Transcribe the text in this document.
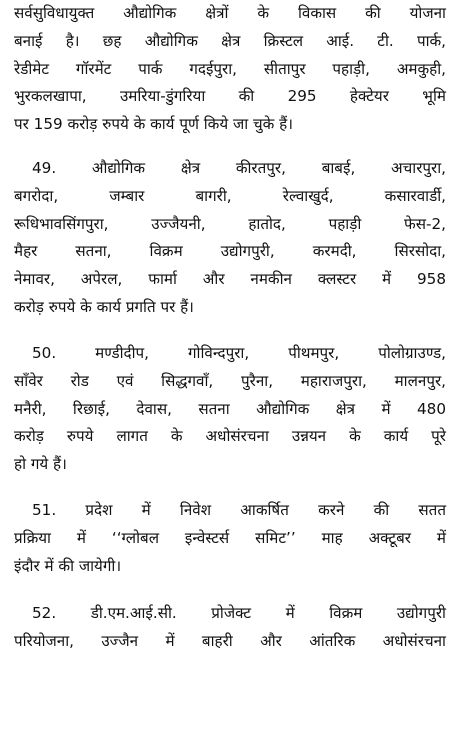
सर्वसुविधायुक्त औद्योगिक क्षेत्रों के विकास की योजना
बनाई है। छह औद्योगिक क्षेत्र क्रिस्टल आई. टी. पार्क,
रेडीमेट गॉरमेंट पार्क गदईपुरा, सीतापुर पहाड़ी, अमकुही,
भुरकलखापा, उमरिया-डुंगरिया की 295 हेक्टेयर भूमि
पर 159 करोड़ रुपये के कार्य पूर्ण किये जा चुके हैं।
49. औद्योगिक क्षेत्र कीरतपुर, बाबई, अचारपुरा,
बगरोदा, जम्बार बागरी, रेल्वाखुर्द, कसारवार्डी,
रूधिभावसिंगपुरा, उज्जैयनी, हातोद, पहाड़ी फेस-2,
मैहर सतना, विक्रम उद्योगपुरी, करमदी, सिरसोदा,
नेमावर, अपेरल, फार्मा और नमकीन क्लस्टर में 958
करोड़ रुपये के कार्य प्रगति पर हैं।
50. मण्डीदीप, गोविन्दपुरा, पीथमपुर, पोलोग्राउण्ड,
साँवेर रोड एवं सिद्धगवाँ, पुरैना, महाराजपुरा, मालनपुर,
मनैरी, रिछाई, देवास, सतना औद्योगिक क्षेत्र में 480
करोड़ रुपये लागत के अधोसंरचना उन्नयन के कार्य पूरे
हो गये हैं।
51. प्रदेश में निवेश आकर्षित करने की सतत
प्रक्रिया में ‘‘ग्लोबल इन्वेस्टर्स समिट’’ माह अक्टूबर में
इंदौर में की जायेगी।
52. डी.एम.आई.सी. प्रोजेक्ट में विक्रम उद्योगपुरी
परियोजना, उज्जैन में बाहरी और आंतरिक अधोसंरचना
